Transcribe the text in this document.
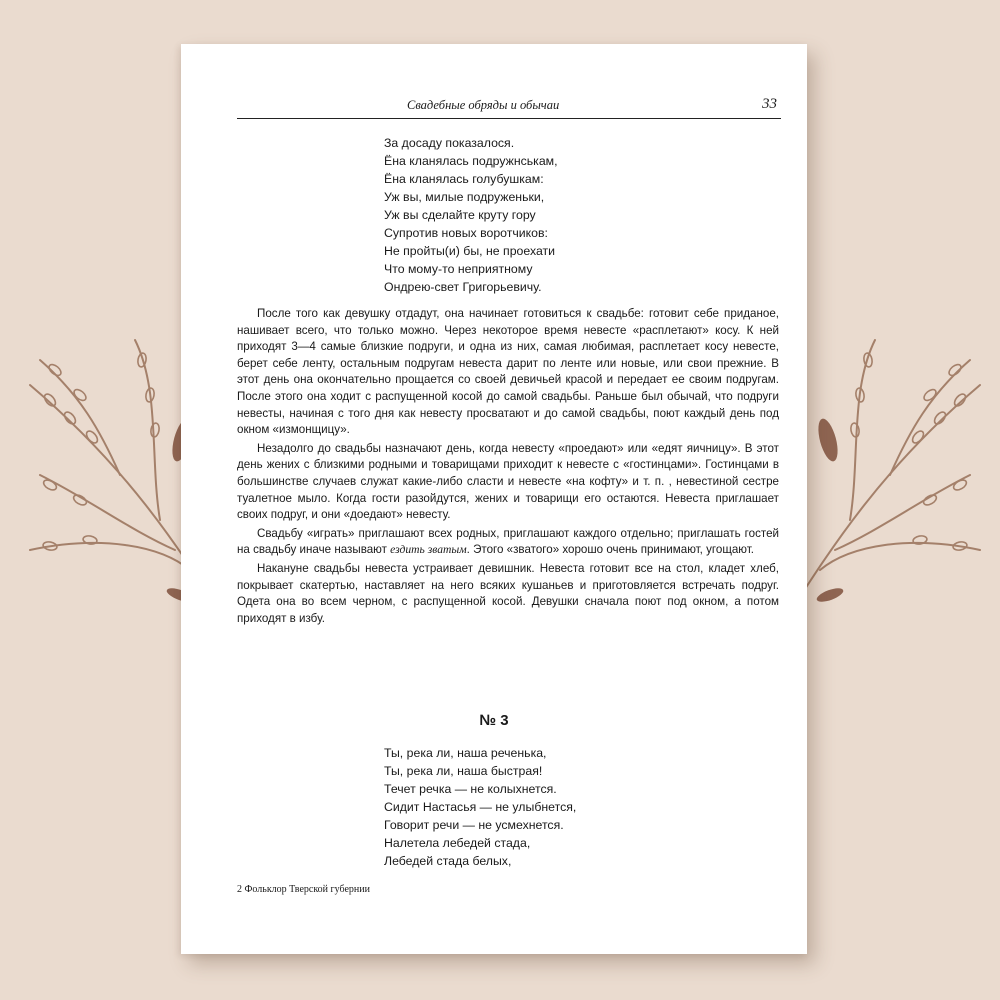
Свадебные обряды и обычаи	33
За досаду показалося.
Ёна кланялась подружнськам,
Ёна кланялась голубушкам:
Уж вы, милые подруженьки,
Уж вы сделайте круту гору
Супротив новых воротчиков:
Не пройты(и) бы, не проехати
Что мому-то неприятному
Ондрею-свет Григорьевичу.

После того как девушку отдадут, она начинает готовиться к свадьбе: готовит себе приданое, нашивает всего, что только можно. Через некоторое время невесте «расплетают» косу. К ней приходят 3—4 самые близкие подруги, и одна из них, самая любимая, расплетает косу невесте, берет себе ленту, остальным подругам невеста дарит по ленте или новые, или свои прежние. В этот день она окончательно прощается со своей девичьей красой и передает ее своим подругам. После этого она ходит с распущенной косой до самой свадьбы. Раньше был обычай, что подруги невесты, начиная с того дня как невесту просватают и до самой свадьбы, поют каждый день под окном «измонщицу».

Незадолго до свадьбы назначают день, когда невесту «проедают» или «едят яичницу». В этот день жених с близкими родными и товарищами приходит к невесте с «гостинцами». Гостинцами в большинстве случаев служат какие-либо сласти и невесте «на кофту» и т. п. , невестиной сестре туалетное мыло. Когда гости разойдутся, жених и товарищи его остаются. Невеста приглашает своих подруг, и они «доедают» невесту.

Свадьбу «играть» приглашают всех родных, приглашают каждого отдельно; приглашать гостей на свадьбу иначе называют ездить зватым. Этого «зватого» хорошо очень принимают, угощают.

Накануне свадьбы невеста устраивает девишник. Невеста готовит все на стол, кладет хлеб, покрывает скатертью, наставляет на него всяких кушаньев и приготовляется встречать подруг. Одета она во всем черном, с распущенной косой. Девушки сначала поют под окном, а потом приходят в избу.

№ 3
Ты, река ли, наша реченька,
Ты, река ли, наша быстрая!
Течет речка — не колыхнется.
Сидит Настасья — не улыбнется,
Говорит речи — не усмехнется.
Налетела лебедей стада,
Лебедей стада белых,
2 Фольклор Тверской губернии
